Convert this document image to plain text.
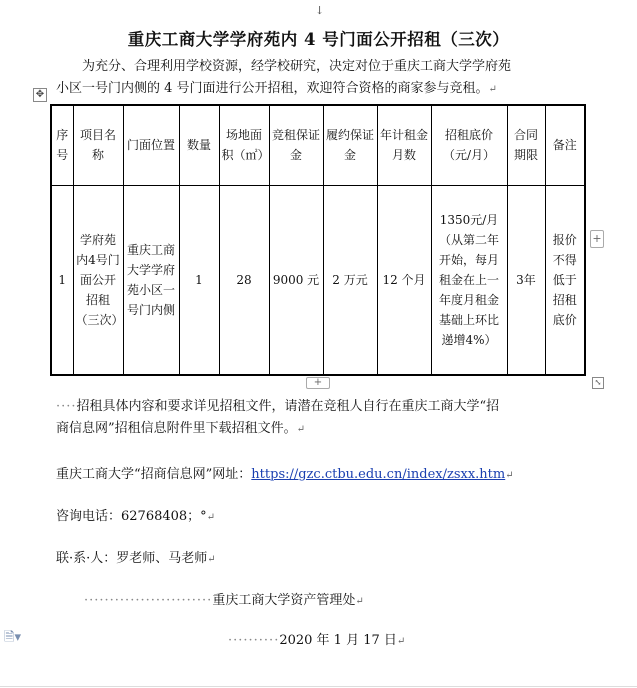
↓
重庆工商大学学府苑内 4 号门面公开招租（三次）
为充分、合理利用学校资源，经学校研究，决定对位于重庆工商大学学府苑
小区一号门内侧的 4 号门面进行公开招租，欢迎符合资格的商家参与竞租。↵
✥
序号	项目名称	门面位置	数量	场地面积（㎡）	竞租保证金	履约保证金	年计租金月数	招租底价（元/月）	合同期限	备注
1	学府苑内4号门面公开招租（三次）	重庆工商大学学府苑小区一号门内侧	1	28	9000 元	2 万元	12 个月	1350元/月（从第二年开始，每月租金在上一年度月租金基础上环比递增4%）	3年	报价不得低于招租底价
+
+	⤡
····招租具体内容和要求详见招租文件，请潜在竞租人自行在重庆工商大学“招
商信息网”招租信息附件里下载招租文件。↵
重庆工商大学“招商信息网”网址：https://gzc.ctbu.edu.cn/index/zsxx.htm↵
咨询电话：62768408；°↵
联·系·人：罗老师、马老师↵
·························重庆工商大学资产管理处↵
··········2020 年 1 月 17 日↵
🗎▾
